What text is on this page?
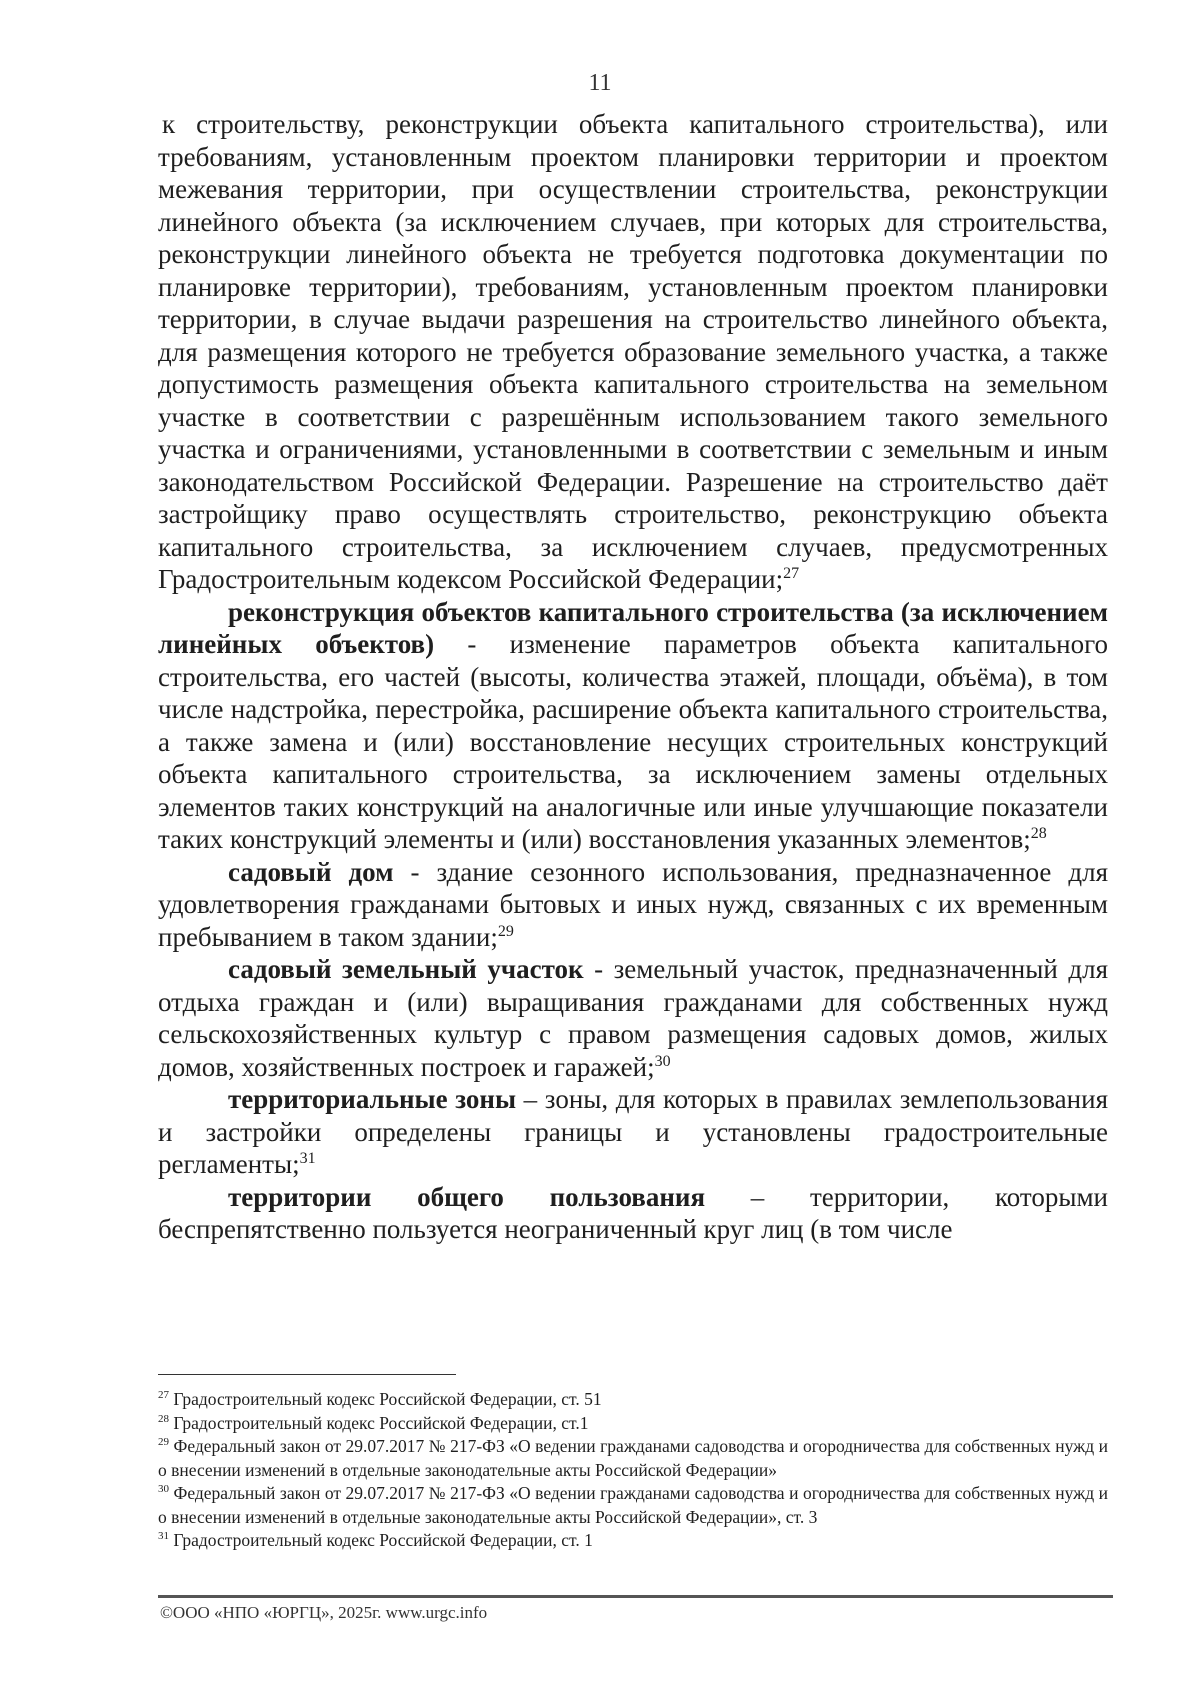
11

к строительству, реконструкции объекта капитального строительства), или требованиям, установленным проектом планировки территории и проектом межевания территории, при осуществлении строительства, реконструкции линейного объекта (за исключением случаев, при которых для строительства, реконструкции линейного объекта не требуется подготовка документации по планировке территории), требованиям, установленным проектом планировки территории, в случае выдачи разрешения на строительство линейного объекта, для размещения которого не требуется образование земельного участка, а также допустимость размещения объекта капитального строительства на земельном участке в соответствии с разрешённым использованием такого земельного участка и ограничениями, установленными в соответствии с земельным и иным законодательством Российской Федерации. Разрешение на строительство даёт застройщику право осуществлять строительство, реконструкцию объекта капитального строительства, за исключением случаев, предусмотренных Градостроительным кодексом Российской Федерации;$^{27}$

реконструкция объектов капитального строительства (за исключением линейных объектов) - изменение параметров объекта капитального строительства, его частей (высоты, количества этажей, площади, объёма), в том числе надстройка, перестройка, расширение объекта капитального строительства, а также замена и (или) восстановление несущих строительных конструкций объекта капитального строительства, за исключением замены отдельных элементов таких конструкций на аналогичные или иные улучшающие показатели таких конструкций элементы и (или) восстановления указанных элементов;$^{28}$

садовый дом - здание сезонного использования, предназначенное для удовлетворения гражданами бытовых и иных нужд, связанных с их временным пребыванием в таком здании;$^{29}$

садовый земельный участок - земельный участок, предназначенный для отдыха граждан и (или) выращивания гражданами для собственных нужд сельскохозяйственных культур с правом размещения садовых домов, жилых домов, хозяйственных построек и гаражей;$^{30}$

территориальные зоны – зоны, для которых в правилах землепользования и застройки определены границы и установлены градостроительные регламенты;$^{31}$

территории общего пользования – территории, которыми беспрепятственно пользуется неограниченный круг лиц (в том числе

$^{27}$ Градостроительный кодекс Российской Федерации, ст. 51

$^{28}$ Градостроительный кодекс Российской Федерации, ст.1

$^{29}$ Федеральный закон от 29.07.2017 № 217-ФЗ «О ведении гражданами садоводства и огородничества для собственных нужд и о внесении изменений в отдельные законодательные акты Российской Федерации»

$^{30}$ Федеральный закон от 29.07.2017 № 217-ФЗ «О ведении гражданами садоводства и огородничества для собственных нужд и о внесении изменений в отдельные законодательные акты Российской Федерации», ст. 3

$^{31}$ Градостроительный кодекс Российской Федерации, ст. 1

©ООО «НПО «ЮРГЦ», 2025г. www.urgc.info
